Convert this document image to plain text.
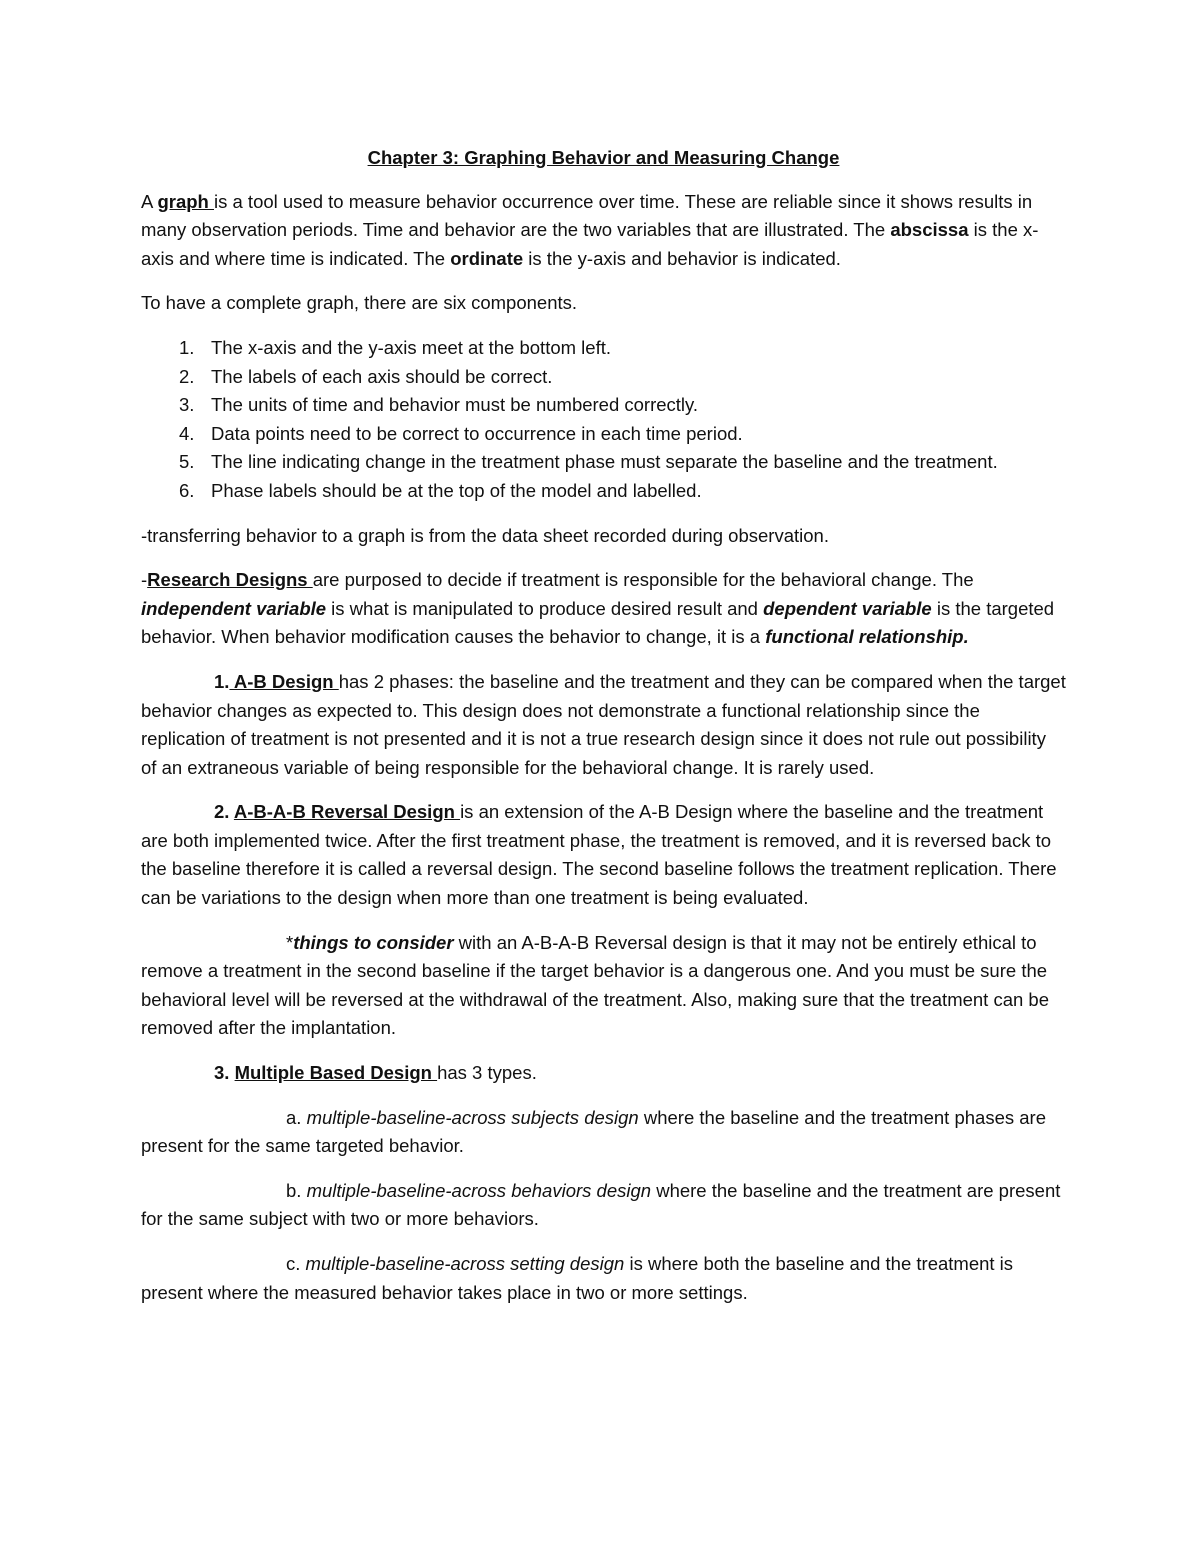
Chapter 3: Graphing Behavior and Measuring Change

A graph is a tool used to measure behavior occurrence over time. These are reliable since it shows results in many observation periods. Time and behavior are the two variables that are illustrated. The abscissa is the x-axis and where time is indicated. The ordinate is the y-axis and behavior is indicated.

To have a complete graph, there are six components.

1. The x-axis and the y-axis meet at the bottom left.
2. The labels of each axis should be correct.
3. The units of time and behavior must be numbered correctly.
4. Data points need to be correct to occurrence in each time period.
5. The line indicating change in the treatment phase must separate the baseline and the treatment.
6. Phase labels should be at the top of the model and labelled.

-transferring behavior to a graph is from the data sheet recorded during observation.

-Research Designs are purposed to decide if treatment is responsible for the behavioral change. The independent variable is what is manipulated to produce desired result and dependent variable is the targeted behavior. When behavior modification causes the behavior to change, it is a functional relationship.

1. A-B Design has 2 phases: the baseline and the treatment and they can be compared when the target behavior changes as expected to. This design does not demonstrate a functional relationship since the replication of treatment is not presented and it is not a true research design since it does not rule out possibility of an extraneous variable of being responsible for the behavioral change. It is rarely used.

2. A-B-A-B Reversal Design is an extension of the A-B Design where the baseline and the treatment are both implemented twice. After the first treatment phase, the treatment is removed, and it is reversed back to the baseline therefore it is called a reversal design. The second baseline follows the treatment replication. There can be variations to the design when more than one treatment is being evaluated.

*things to consider with an A-B-A-B Reversal design is that it may not be entirely ethical to remove a treatment in the second baseline if the target behavior is a dangerous one. And you must be sure the behavioral level will be reversed at the withdrawal of the treatment. Also, making sure that the treatment can be removed after the implantation.

3. Multiple Based Design has 3 types.

a. multiple-baseline-across subjects design where the baseline and the treatment phases are present for the same targeted behavior.

b. multiple-baseline-across behaviors design where the baseline and the treatment are present for the same subject with two or more behaviors.

c. multiple-baseline-across setting design is where both the baseline and the treatment is present where the measured behavior takes place in two or more settings.
